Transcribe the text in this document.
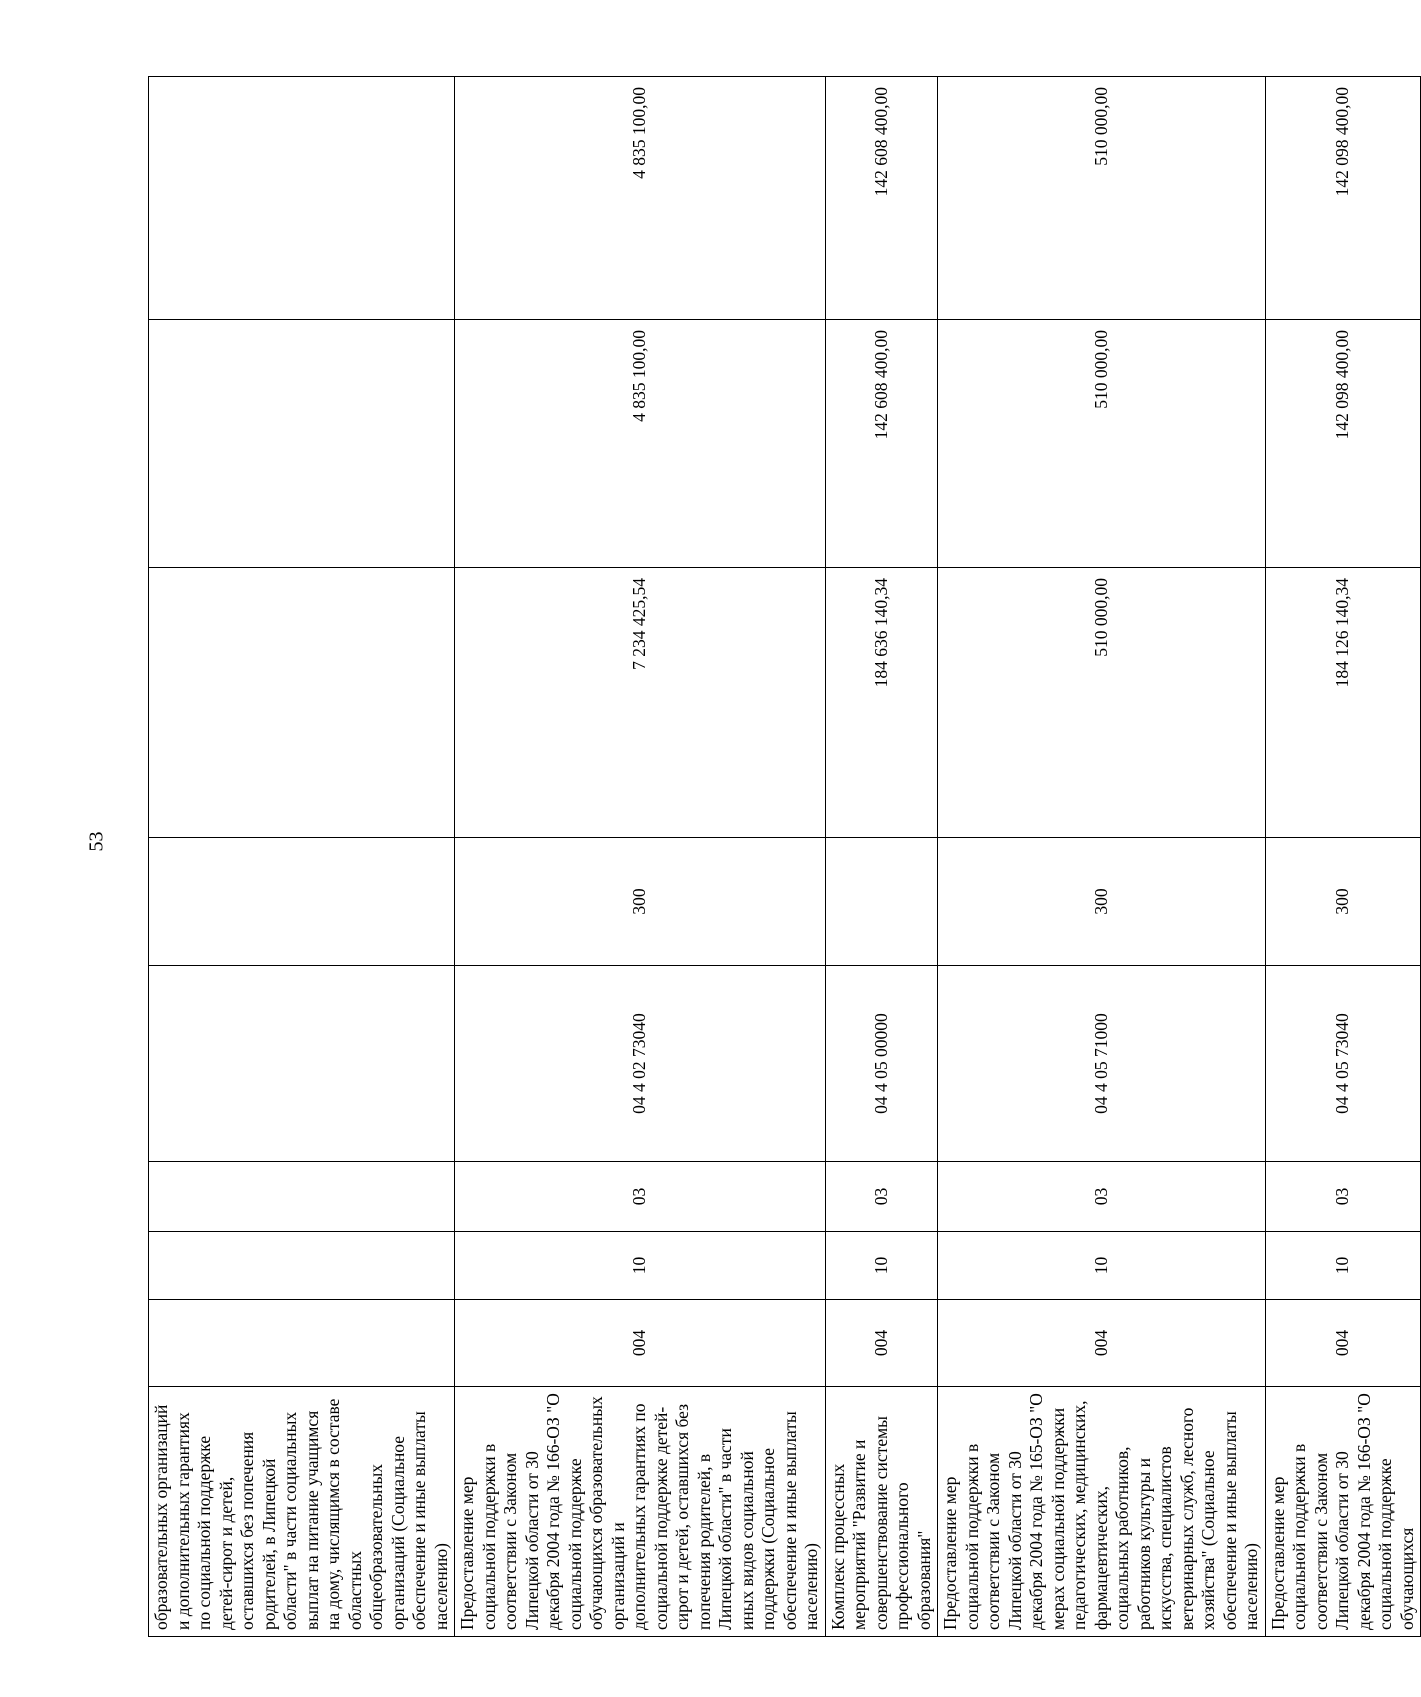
53
образовательных организаций и дополнительных гарантиях по социальной поддержке детей-сирот и детей, оставшихся без попечения родителей, в Липецкой области" в части социальных выплат на питание учащимся на дому, числящимся в составе областных общеобразовательных организаций (Социальное обеспечение и иные выплаты населению)								
Предоставление мер социальной поддержки в соответствии с Законом Липецкой области от 30 декабря 2004 года № 166-ОЗ "О социальной поддержке обучающихся образовательных организаций и дополнительных гарантиях по социальной поддержке детей-сирот и детей, оставшихся без попечения родителей, в Липецкой области" в части иных видов социальной поддержки (Социальное обеспечение и иные выплаты населению)	004	10	03	04 4 02 73040	300	7 234 425,54	4 835 100,00	4 835 100,00
Комплекс процессных мероприятий "Развитие и совершенствование системы профессионального образования"	004	10	03	04 4 05 00000		184 636 140,34	142 608 400,00	142 608 400,00
Предоставление мер социальной поддержки в соответствии с Законом Липецкой области от 30 декабря 2004 года № 165-ОЗ "О мерах социальной поддержки педагогических, медицинских, фармацевтических, социальных работников, работников культуры и искусства, специалистов ветеринарных служб, лесного хозяйства" (Социальное обеспечение и иные выплаты населению)	004	10	03	04 4 05 71000	300	510 000,00	510 000,00	510 000,00
Предоставление мер социальной поддержки в соответствии с Законом Липецкой области от 30 декабря 2004 года № 166-ОЗ "О социальной поддержке обучающихся	004	10	03	04 4 05 73040	300	184 126 140,34	142 098 400,00	142 098 400,00
